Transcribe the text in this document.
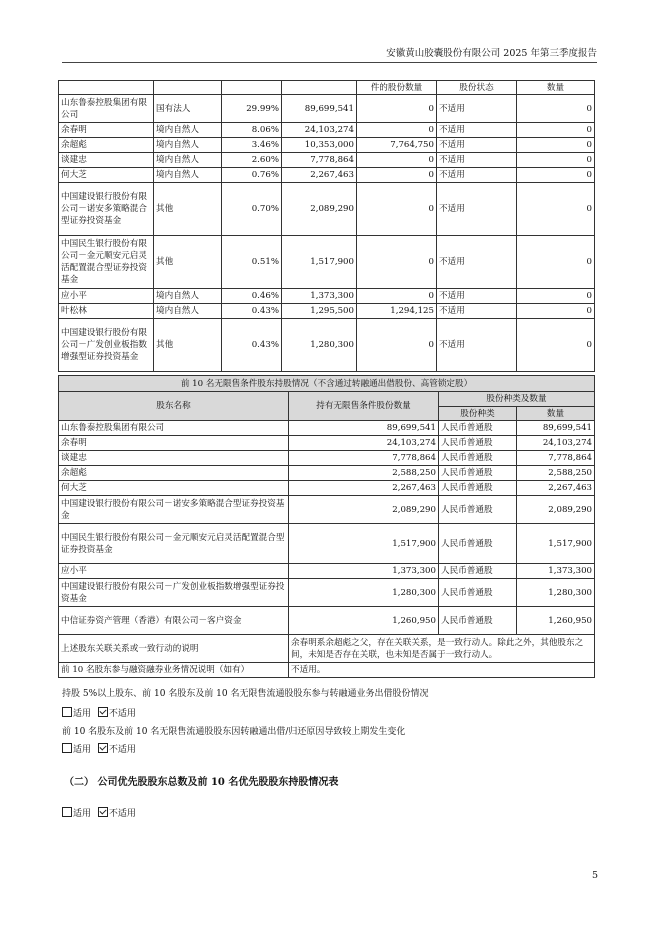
安徽黄山胶囊股份有限公司 2025 年第三季度报告
				件的股份数量	股份状态	数量
山东鲁泰控股集团有限公司	国有法人	29.99%	89,699,541	0	不适用	0
余春明	境内自然人	8.06%	24,103,274	0	不适用	0
余超彪	境内自然人	3.46%	10,353,000	7,764,750	不适用	0
谈建忠	境内自然人	2.60%	7,778,864	0	不适用	0
何大芝	境内自然人	0.76%	2,267,463	0	不适用	0
中国建设银行股份有限公司－诺安多策略混合型证券投资基金	其他	0.70%	2,089,290	0	不适用	0
中国民生银行股份有限公司－金元顺安元启灵活配置混合型证券投资基金	其他	0.51%	1,517,900	0	不适用	0
应小平	境内自然人	0.46%	1,373,300	0	不适用	0
叶松林	境内自然人	0.43%	1,295,500	1,294,125	不适用	0
中国建设银行股份有限公司－广发创业板指数增强型证券投资基金	其他	0.43%	1,280,300	0	不适用	0
前 10 名无限售条件股东持股情况（不含通过转融通出借股份、高管锁定股）			
股东名称	持有无限售条件股份数量	股份种类及数量	
		股份种类	数量
山东鲁泰控股集团有限公司	89,699,541	人民币普通股	89,699,541
余春明	24,103,274	人民币普通股	24,103,274
谈建忠	7,778,864	人民币普通股	7,778,864
余超彪	2,588,250	人民币普通股	2,588,250
何大芝	2,267,463	人民币普通股	2,267,463
中国建设银行股份有限公司－诺安多策略混合型证券投资基金	2,089,290	人民币普通股	2,089,290
中国民生银行股份有限公司－金元顺安元启灵活配置混合型证券投资基金	1,517,900	人民币普通股	1,517,900
应小平	1,373,300	人民币普通股	1,373,300
中国建设银行股份有限公司－广发创业板指数增强型证券投资基金	1,280,300	人民币普通股	1,280,300
中信证券资产管理（香港）有限公司－客户资金	1,260,950	人民币普通股	1,260,950
上述股东关联关系或一致行动的说明	余春明系余超彪之父，存在关联关系，是一致行动人。除此之外，其他股东之间，未知是否存在关联，也未知是否属于一致行动人。		
前 10 名股东参与融资融券业务情况说明（如有）	不适用。		
持股 5%以上股东、前 10 名股东及前 10 名无限售流通股股东参与转融通业务出借股份情况
适用 不适用
前 10 名股东及前 10 名无限售流通股股东因转融通出借/归还原因导致较上期发生变化
适用 不适用
（二） 公司优先股股东总数及前 10 名优先股股东持股情况表
适用 不适用
5
